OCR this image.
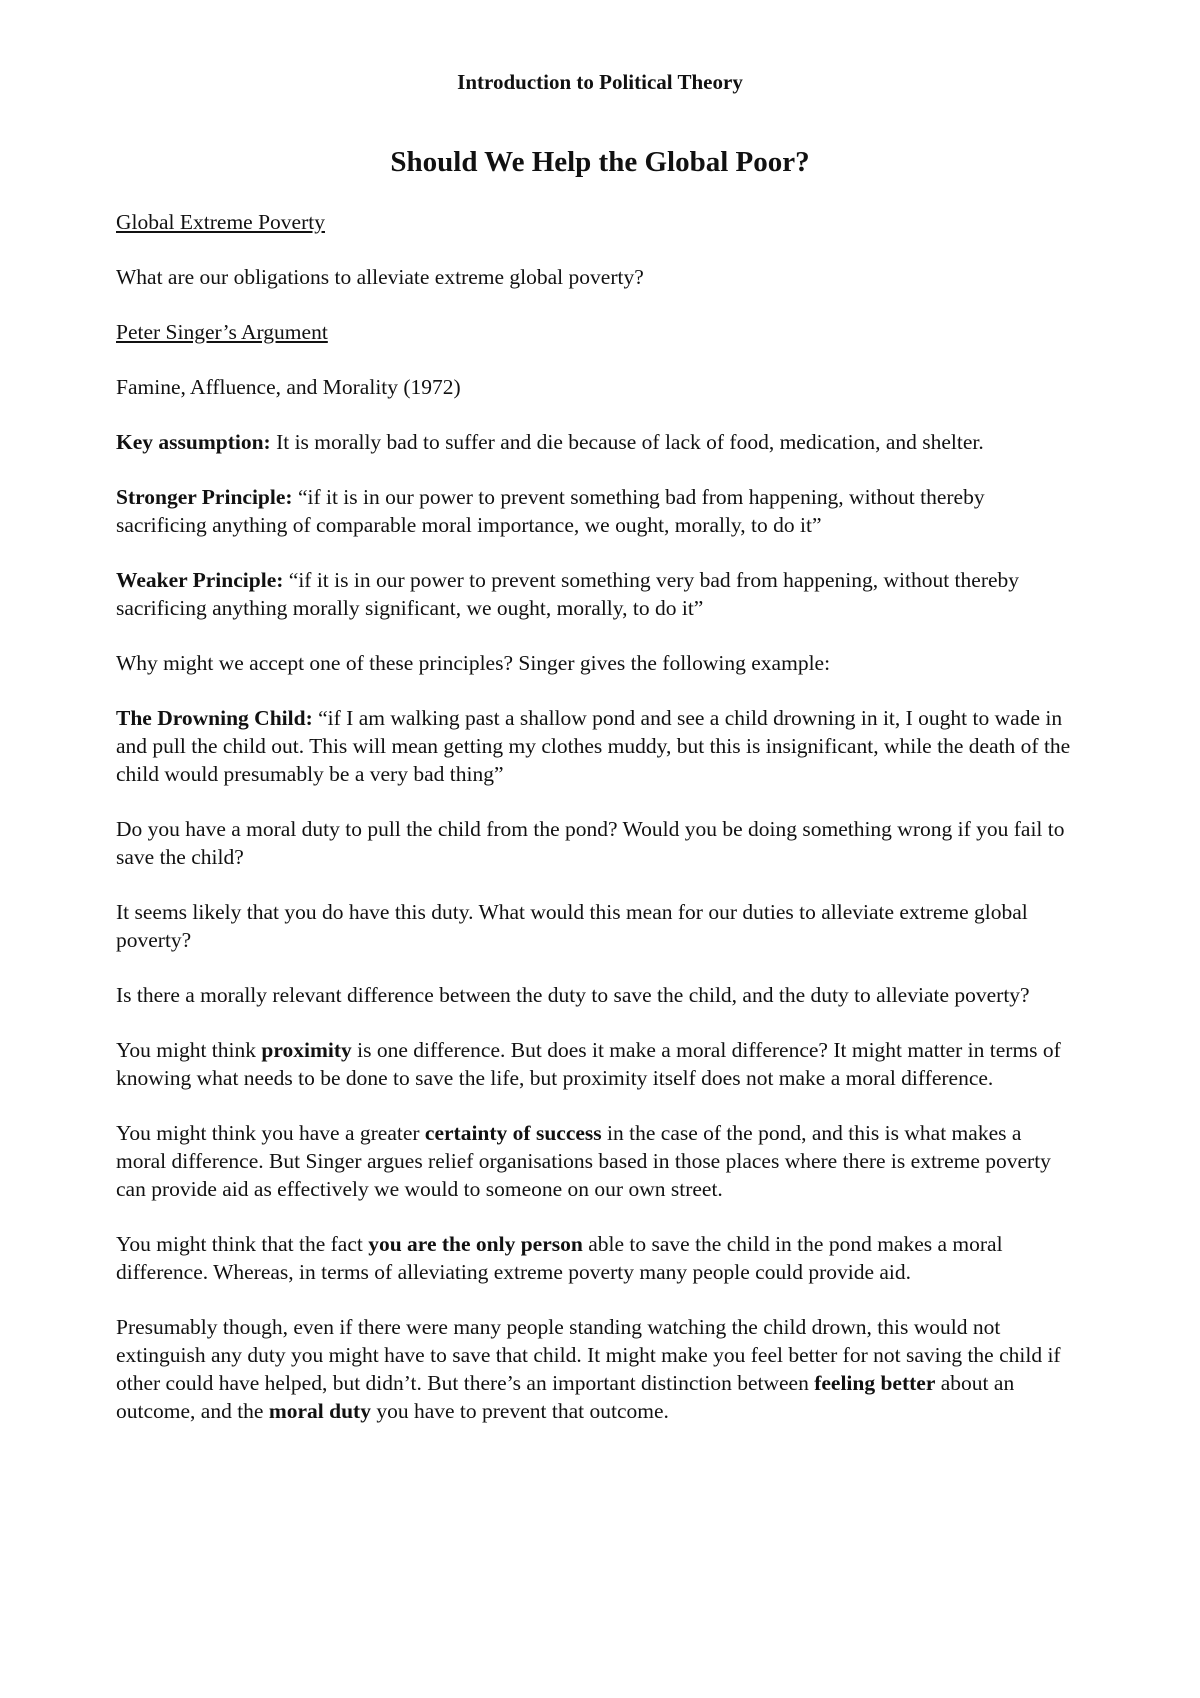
Introduction to Political Theory
Should We Help the Global Poor?

Global Extreme Poverty

What are our obligations to alleviate extreme global poverty?

Peter Singer’s Argument

Famine, Affluence, and Morality (1972)

Key assumption: It is morally bad to suffer and die because of lack of food, medication, and shelter.

Stronger Principle: “if it is in our power to prevent something bad from happening, without thereby sacrificing anything of comparable moral importance, we ought, morally, to do it”

Weaker Principle: “if it is in our power to prevent something very bad from happening, without thereby sacrificing anything morally significant, we ought, morally, to do it”

Why might we accept one of these principles? Singer gives the following example:

The Drowning Child: “if I am walking past a shallow pond and see a child drowning in it, I ought to wade in and pull the child out. This will mean getting my clothes muddy, but this is insignificant, while the death of the child would presumably be a very bad thing”

Do you have a moral duty to pull the child from the pond? Would you be doing something wrong if you fail to save the child?

It seems likely that you do have this duty. What would this mean for our duties to alleviate extreme global poverty?

Is there a morally relevant difference between the duty to save the child, and the duty to alleviate poverty?

You might think proximity is one difference. But does it make a moral difference? It might matter in terms of knowing what needs to be done to save the life, but proximity itself does not make a moral difference.

You might think you have a greater certainty of success in the case of the pond, and this is what makes a moral difference. But Singer argues relief organisations based in those places where there is extreme poverty can provide aid as effectively we would to someone on our own street.

You might think that the fact you are the only person able to save the child in the pond makes a moral difference. Whereas, in terms of alleviating extreme poverty many people could provide aid.

Presumably though, even if there were many people standing watching the child drown, this would not extinguish any duty you might have to save that child. It might make you feel better for not saving the child if other could have helped, but didn’t. But there’s an important distinction between feeling better about an outcome, and the moral duty you have to prevent that outcome.
